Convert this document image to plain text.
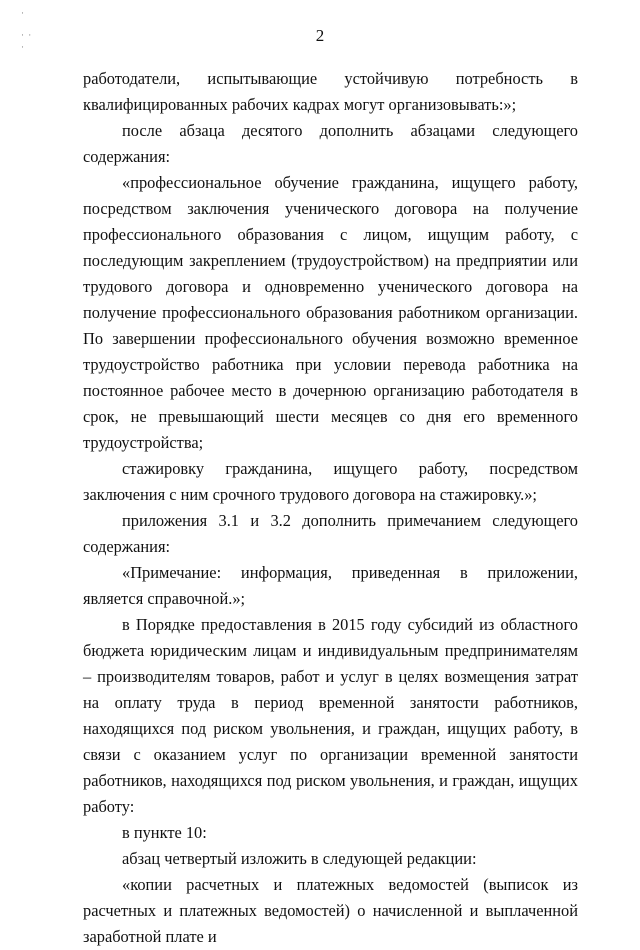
·
· ·
·
2

работодатели, испытывающие устойчивую потребность в квалифицированных рабочих кадрах могут организовывать:»;

после абзаца десятого дополнить абзацами следующего содержания:

«профессиональное обучение гражданина, ищущего работу, посредством заключения ученического договора на получение профессионального образования с лицом, ищущим работу, с последующим закреплением (трудоустройством) на предприятии или трудового договора и одновременно ученического договора на получение профессионального образования работником организации. По завершении профессионального обучения возможно временное трудоустройство работника при условии перевода работника на постоянное рабочее место в дочернюю организацию работодателя в срок, не превышающий шести месяцев со дня его временного трудоустройства;

стажировку гражданина, ищущего работу, посредством заключения с ним срочного трудового договора на стажировку.»;

приложения 3.1 и 3.2 дополнить примечанием следующего содержания:

«Примечание: информация, приведенная в приложении, является справочной.»;

в Порядке предоставления в 2015 году субсидий из областного бюджета юридическим лицам и индивидуальным предпринимателям – производителям товаров, работ и услуг в целях возмещения затрат на оплату труда в период временной занятости работников, находящихся под риском увольнения, и граждан, ищущих работу, в связи с оказанием услуг по организации временной занятости работников, находящихся под риском увольнения, и граждан, ищущих работу:

в пункте 10:

абзац четвертый изложить в следующей редакции:

«копии расчетных и платежных ведомостей (выписок из расчетных и платежных ведомостей) о начисленной и выплаченной заработной плате и
